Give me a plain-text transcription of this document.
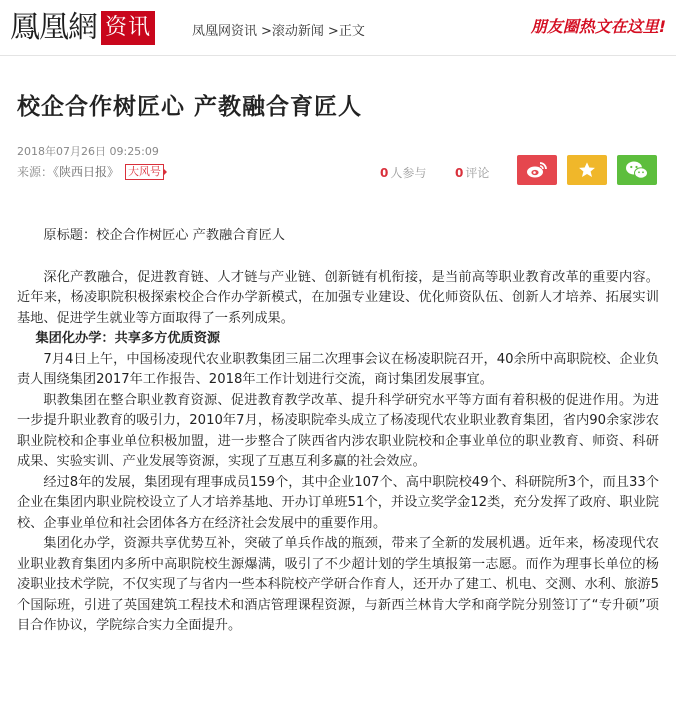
鳳凰網 资讯	凤凰网资讯 >滚动新闻 >正文	朋友圈热文在这里!
校企合作树匠心 产教融合育匠人
2018年07月26日 09:25:09
来源：《陕西日报》 大风号	0 人参与 0 评论

原标题：校企合作树匠心 产教融合育匠人

深化产教融合，促进教育链、人才链与产业链、创新链有机衔接，是当前高等职业教育改革的重要内容。近年来，杨凌职院积极探索校企合作办学新模式，在加强专业建设、优化师资队伍、创新人才培养、拓展实训基地、促进学生就业等方面取得了一系列成果。

集团化办学：共享多方优质资源

7月4日上午，中国杨凌现代农业职教集团三届二次理事会议在杨凌职院召开，40余所中高职院校、企业负责人围绕集团2017年工作报告、2018年工作计划进行交流，商讨集团发展事宜。

职教集团在整合职业教育资源、促进教育教学改革、提升科学研究水平等方面有着积极的促进作用。为进一步提升职业教育的吸引力，2010年7月，杨凌职院牵头成立了杨凌现代农业职业教育集团，省内90余家涉农职业院校和企事业单位积极加盟，进一步整合了陕西省内涉农职业院校和企事业单位的职业教育、师资、科研成果、实验实训、产业发展等资源，实现了互惠互利多赢的社会效应。

经过8年的发展，集团现有理事成员159个，其中企业107个、高中职院校49个、科研院所3个，而且33个企业在集团内职业院校设立了人才培养基地、开办订单班51个，并设立奖学金12类，充分发挥了政府、职业院校、企事业单位和社会团体各方在经济社会发展中的重要作用。

集团化办学，资源共享优势互补，突破了单兵作战的瓶颈，带来了全新的发展机遇。近年来，杨凌现代农业职业教育集团内多所中高职院校生源爆满，吸引了不少超计划的学生填报第一志愿。而作为理事长单位的杨凌职业技术学院，不仅实现了与省内一些本科院校产学研合作育人，还开办了建工、机电、交测、水利、旅游5个国际班，引进了英国建筑工程技术和酒店管理课程资源，与新西兰林肯大学和商学院分别签订了“专升硕”项目合作协议，学院综合实力全面提升。
